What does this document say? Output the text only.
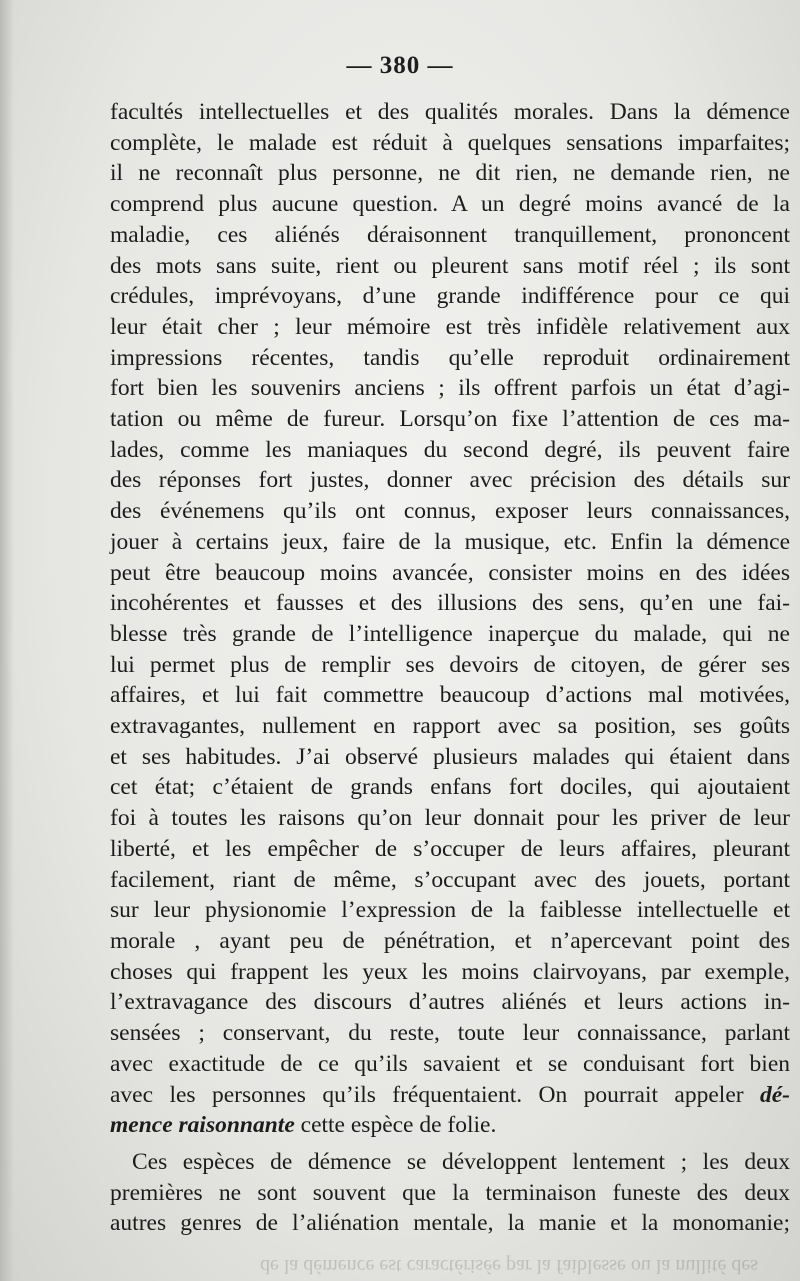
— 380 —
facultés intellectuelles et des qualités morales. Dans la démence
complète, le malade est réduit à quelques sensations imparfaites;
il ne reconnaît plus personne, ne dit rien, ne demande rien, ne
comprend plus aucune question. A un degré moins avancé de la
maladie, ces aliénés déraisonnent tranquillement, prononcent
des mots sans suite, rient ou pleurent sans motif réel ; ils sont
crédules, imprévoyans, d’une grande indifférence pour ce qui
leur était cher ; leur mémoire est très infidèle relativement aux
impressions récentes, tandis qu’elle reproduit ordinairement
fort bien les souvenirs anciens ; ils offrent parfois un état d’agi-
tation ou même de fureur. Lorsqu’on fixe l’attention de ces ma-
lades, comme les maniaques du second degré, ils peuvent faire
des réponses fort justes, donner avec précision des détails sur
des événemens qu’ils ont connus, exposer leurs connaissances,
jouer à certains jeux, faire de la musique, etc. Enfin la démence
peut être beaucoup moins avancée, consister moins en des idées
incohérentes et fausses et des illusions des sens, qu’en une fai-
blesse très grande de l’intelligence inaperçue du malade, qui ne
lui permet plus de remplir ses devoirs de citoyen, de gérer ses
affaires, et lui fait commettre beaucoup d’actions mal motivées,
extravagantes, nullement en rapport avec sa position, ses goûts
et ses habitudes. J’ai observé plusieurs malades qui étaient dans
cet état; c’étaient de grands enfans fort dociles, qui ajoutaient
foi à toutes les raisons qu’on leur donnait pour les priver de leur
liberté, et les empêcher de s’occuper de leurs affaires, pleurant
facilement, riant de même, s’occupant avec des jouets, portant
sur leur physionomie l’expression de la faiblesse intellectuelle et
morale , ayant peu de pénétration, et n’apercevant point des
choses qui frappent les yeux les moins clairvoyans, par exemple,
l’extravagance des discours d’autres aliénés et leurs actions in-
sensées ; conservant, du reste, toute leur connaissance, parlant
avec exactitude de ce qu’ils savaient et se conduisant fort bien
avec les personnes qu’ils fréquentaient. On pourrait appeler dé-
mence raisonnante cette espèce de folie.
Ces espèces de démence se développent lentement ; les deux
premières ne sont souvent que la terminaison funeste des deux
autres genres de l’aliénation mentale, la manie et la monomanie;
de la démence est caractérisée par la faiblesse ou la nullité des
